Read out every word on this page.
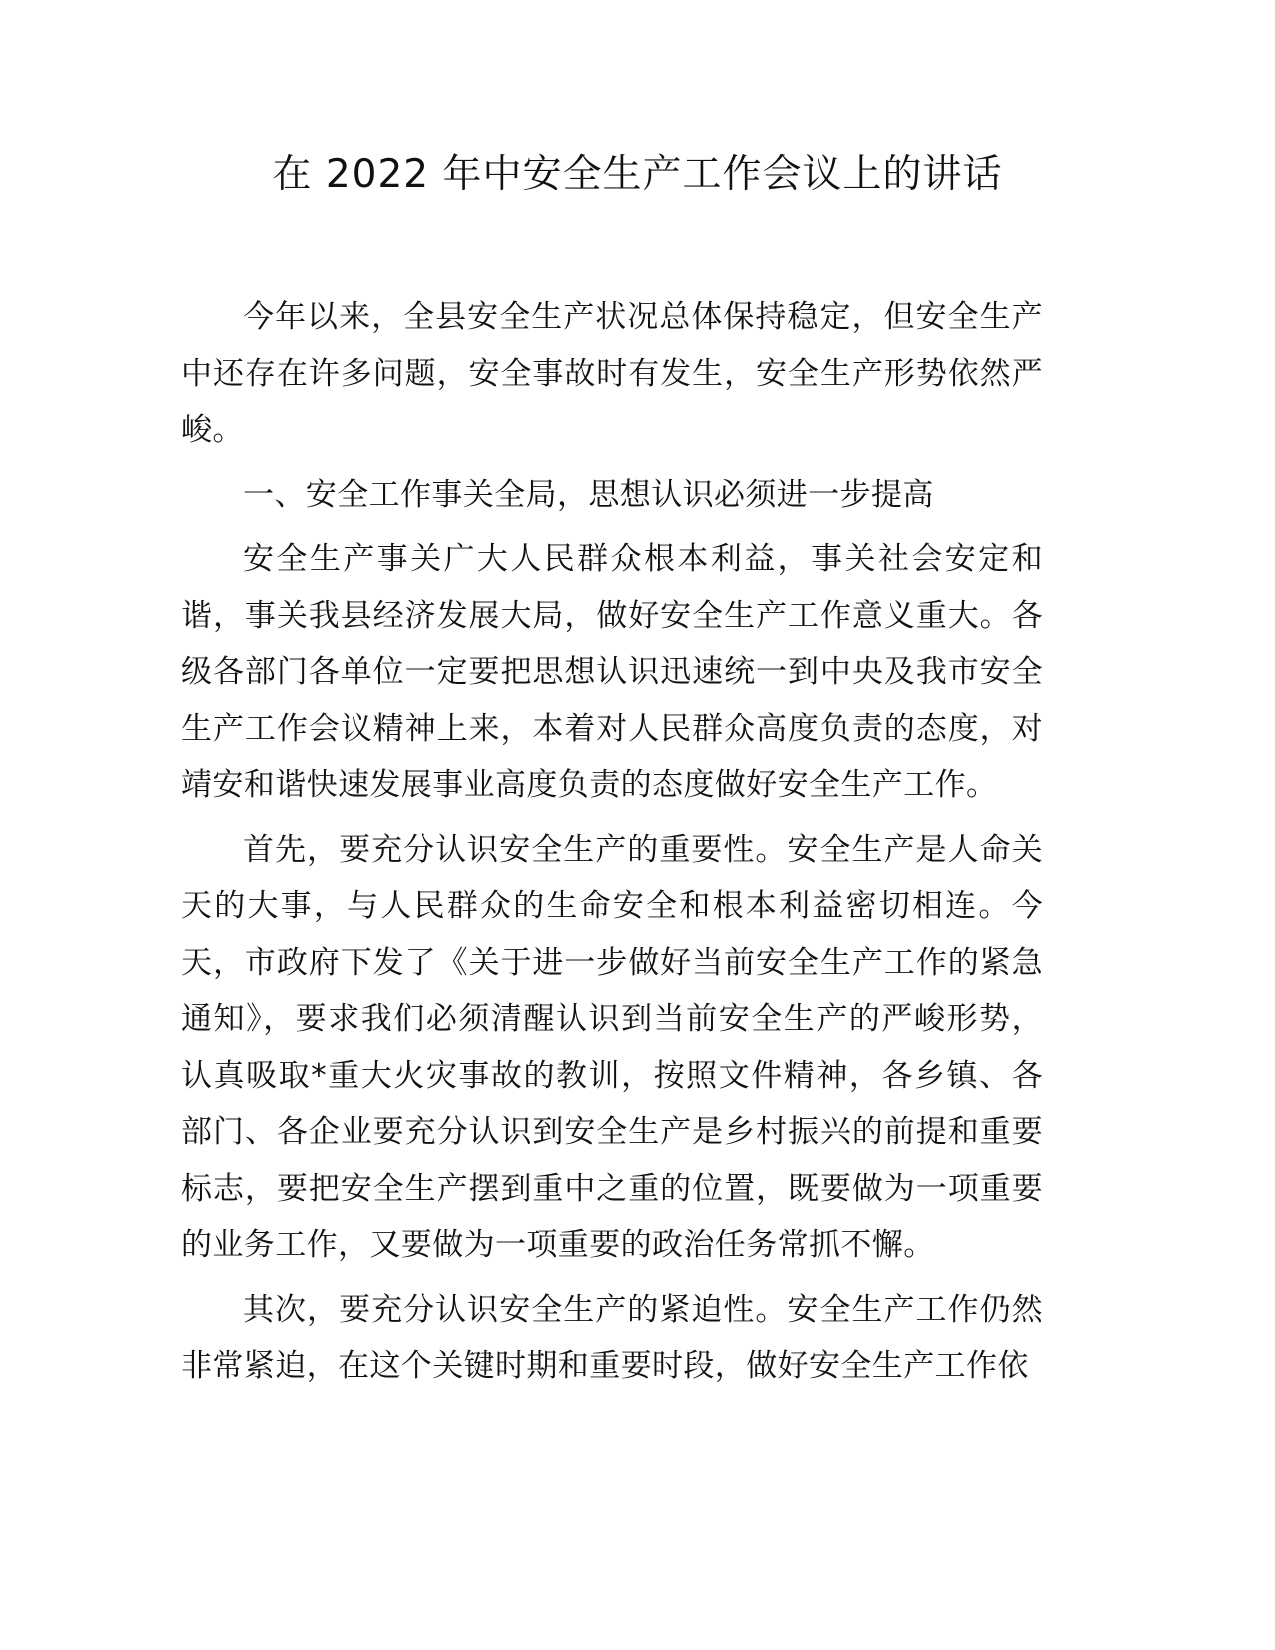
在 2022 年中安全生产工作会议上的讲话

今年以来，全县安全生产状况总体保持稳定，但安全生产中还存在许多问题，安全事故时有发生，安全生产形势依然严峻。

一、安全工作事关全局，思想认识必须进一步提高

安全生产事关广大人民群众根本利益，事关社会安定和谐，事关我县经济发展大局，做好安全生产工作意义重大。各级各部门各单位一定要把思想认识迅速统一到中央及我市安全生产工作会议精神上来，本着对人民群众高度负责的态度，对靖安和谐快速发展事业高度负责的态度做好安全生产工作。

首先，要充分认识安全生产的重要性。安全生产是人命关天的大事，与人民群众的生命安全和根本利益密切相连。今天，市政府下发了《关于进一步做好当前安全生产工作的紧急通知》，要求我们必须清醒认识到当前安全生产的严峻形势，认真吸取*重大火灾事故的教训，按照文件精神，各乡镇、各部门、各企业要充分认识到安全生产是乡村振兴的前提和重要标志，要把安全生产摆到重中之重的位置，既要做为一项重要的业务工作，又要做为一项重要的政治任务常抓不懈。

其次，要充分认识安全生产的紧迫性。安全生产工作仍然非常紧迫，在这个关键时期和重要时段，做好安全生产工作依
